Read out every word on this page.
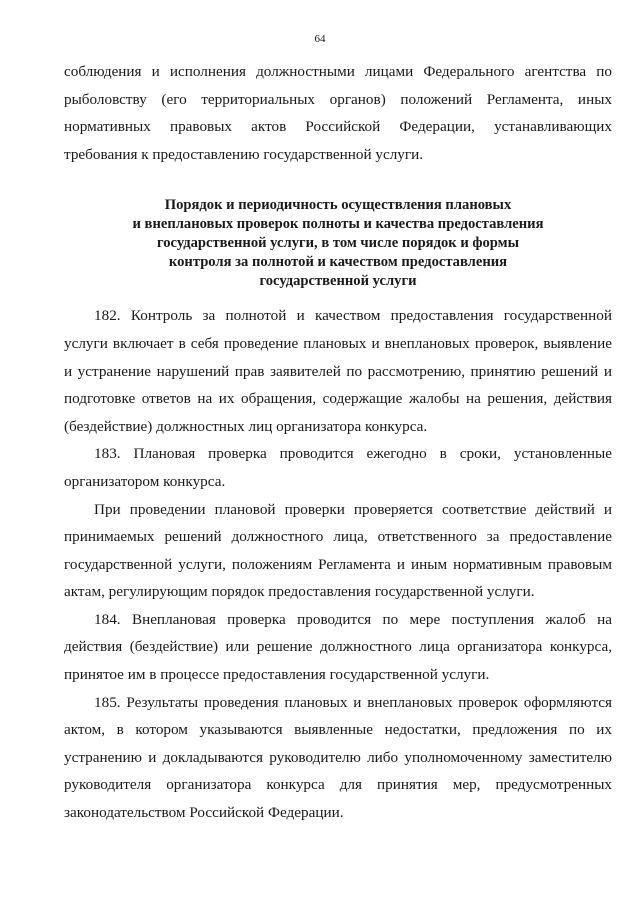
64

соблюдения и исполнения должностными лицами Федерального агентства по рыболовству (его территориальных органов) положений Регламента, иных нормативных правовых актов Российской Федерации, устанавливающих требования к предоставлению государственной услуги.

Порядок и периодичность осуществления плановых
и внеплановых проверок полноты и качества предоставления
государственной услуги, в том числе порядок и формы
контроля за полнотой и качеством предоставления
государственной услуги

182. Контроль за полнотой и качеством предоставления государственной услуги включает в себя проведение плановых и внеплановых проверок, выявление и устранение нарушений прав заявителей по рассмотрению, принятию решений и подготовке ответов на их обращения, содержащие жалобы на решения, действия (бездействие) должностных лиц организатора конкурса.

183. Плановая проверка проводится ежегодно в сроки, установленные организатором конкурса.

При проведении плановой проверки проверяется соответствие действий и принимаемых решений должностного лица, ответственного за предоставление государственной услуги, положениям Регламента и иным нормативным правовым актам, регулирующим порядок предоставления государственной услуги.

184. Внеплановая проверка проводится по мере поступления жалоб на действия (бездействие) или решение должностного лица организатора конкурса, принятое им в процессе предоставления государственной услуги.

185. Результаты проведения плановых и внеплановых проверок оформляются актом, в котором указываются выявленные недостатки, предложения по их устранению и докладываются руководителю либо уполномоченному заместителю руководителя организатора конкурса для принятия мер, предусмотренных законодательством Российской Федерации.
